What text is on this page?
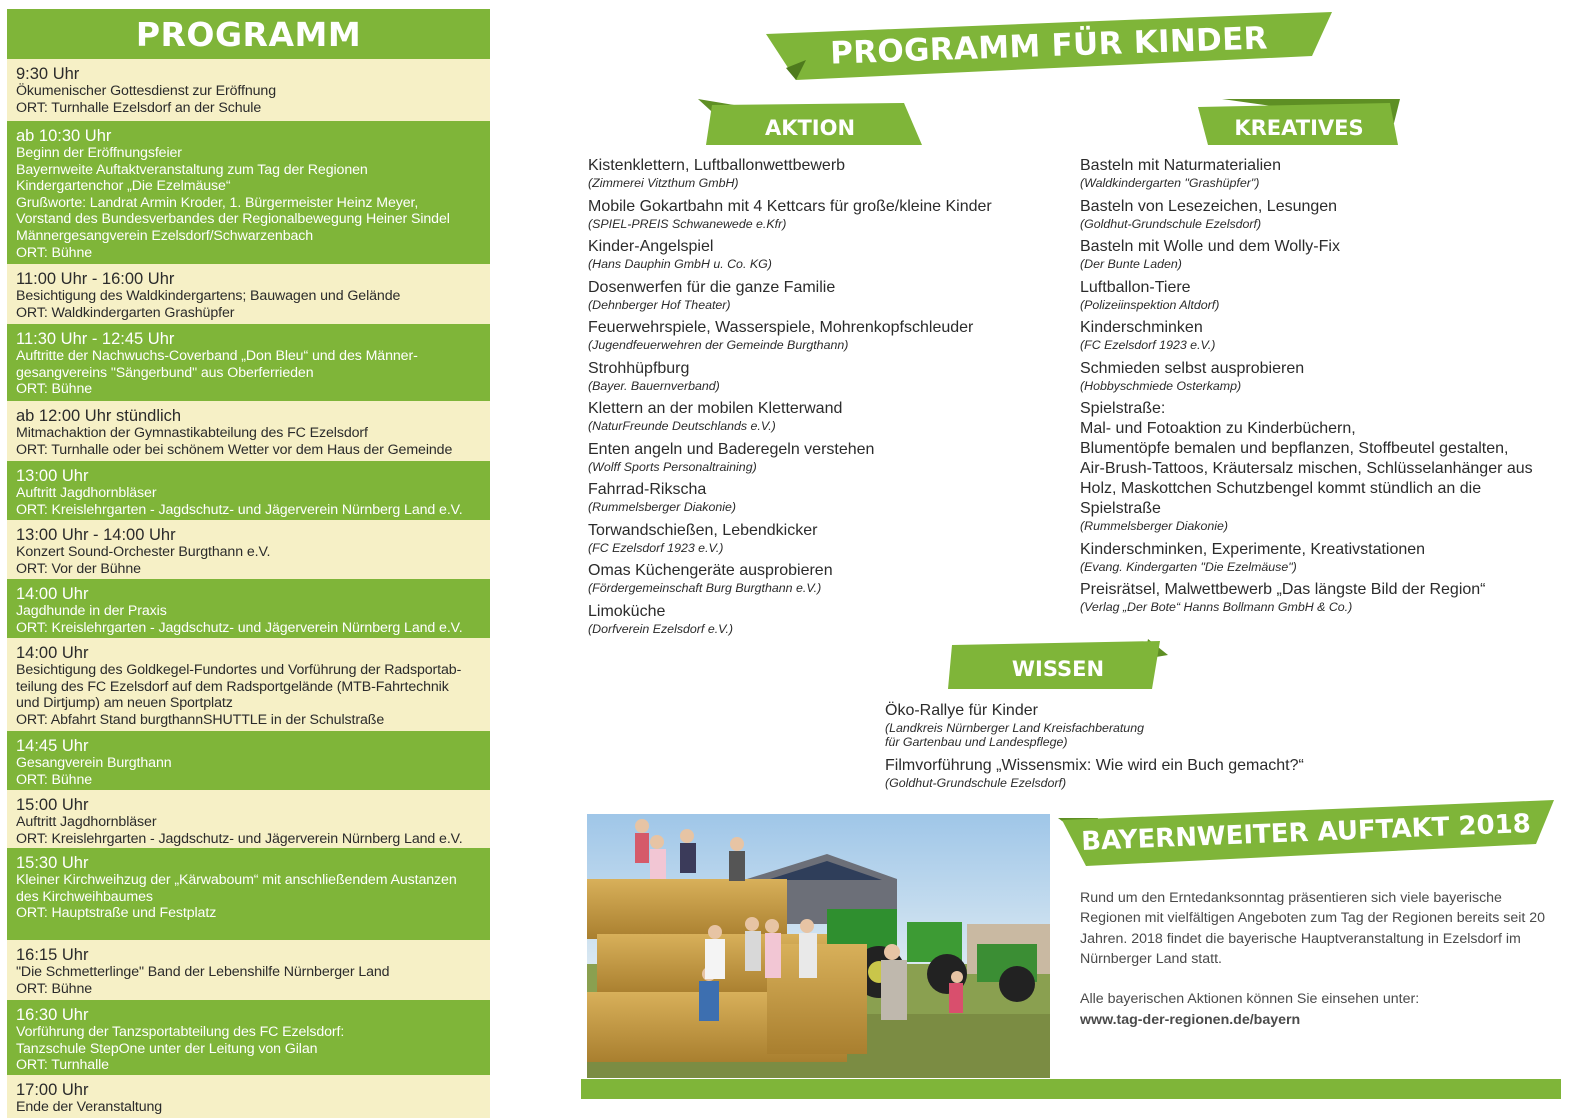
PROGRAMM
9:30 Uhr
Ökumenischer Gottesdienst zur Eröffnung
ORT: Turnhalle Ezelsdorf an der Schule
ab 10:30 Uhr
Beginn der Eröffnungsfeier
Bayernweite Auftaktveranstaltung zum Tag der Regionen
Kindergartenchor „Die Ezelmäuse“
Grußworte: Landrat Armin Kroder, 1. Bürgermeister Heinz Meyer,
Vorstand des Bundesverbandes der Regionalbewegung Heiner Sindel
Männergesangverein Ezelsdorf/Schwarzenbach
ORT: Bühne
11:00 Uhr - 16:00 Uhr
Besichtigung des Waldkindergartens; Bauwagen und Gelände
ORT: Waldkindergarten Grashüpfer
11:30 Uhr - 12:45 Uhr
Auftritte der Nachwuchs-Coverband „Don Bleu“ und des Männer-
gesangvereins "Sängerbund" aus Oberferrieden
ORT: Bühne
ab 12:00 Uhr stündlich
Mitmachaktion der Gymnastikabteilung des FC Ezelsdorf
ORT: Turnhalle oder bei schönem Wetter vor dem Haus der Gemeinde
13:00 Uhr
Auftritt Jagdhornbläser
ORT: Kreislehrgarten - Jagdschutz- und Jägerverein Nürnberg Land e.V.
13:00 Uhr - 14:00 Uhr
Konzert Sound-Orchester Burgthann e.V.
ORT: Vor der Bühne
14:00 Uhr
Jagdhunde in der Praxis
ORT: Kreislehrgarten - Jagdschutz- und Jägerverein Nürnberg Land e.V.
14:00 Uhr
Besichtigung des Goldkegel-Fundortes und Vorführung der Radsportab-
teilung des FC Ezelsdorf auf dem Radsportgelände (MTB-Fahrtechnik
und Dirtjump) am neuen Sportplatz
ORT: Abfahrt Stand burgthannSHUTTLE in der Schulstraße
14:45 Uhr
Gesangverein Burgthann
ORT: Bühne
15:00 Uhr
Auftritt Jagdhornbläser
ORT: Kreislehrgarten - Jagdschutz- und Jägerverein Nürnberg Land e.V.
15:30 Uhr
Kleiner Kirchweihzug der „Kärwaboum“ mit anschließendem Austanzen
des Kirchweihbaumes
ORT: Hauptstraße und Festplatz
16:15 Uhr
"Die Schmetterlinge" Band der Lebenshilfe Nürnberger Land
ORT: Bühne
16:30 Uhr
Vorführung der Tanzsportabteilung des FC Ezelsdorf:
Tanzschule StepOne unter der Leitung von Gilan
ORT: Turnhalle
17:00 Uhr
Ende der Veranstaltung
PROGRAMM FÜR KINDER
AKTION	KREATIVES
WISSEN
Kistenklettern, Luftballonwettbewerb
(Zimmerei Vitzthum GmbH)
Mobile Gokartbahn mit 4 Kettcars für große/kleine Kinder
(SPIEL-PREIS Schwanewede e.Kfr)
Kinder-Angelspiel
(Hans Dauphin GmbH u. Co. KG)
Dosenwerfen für die ganze Familie
(Dehnberger Hof Theater)
Feuerwehrspiele, Wasserspiele, Mohrenkopfschleuder
(Jugendfeuerwehren der Gemeinde Burgthann)
Strohhüpfburg
(Bayer. Bauernverband)
Klettern an der mobilen Kletterwand
(NaturFreunde Deutschlands e.V.)
Enten angeln und Baderegeln verstehen
(Wolff Sports Personaltraining)
Fahrrad-Rikscha
(Rummelsberger Diakonie)
Torwandschießen, Lebendkicker
(FC Ezelsdorf 1923 e.V.)
Omas Küchengeräte ausprobieren
(Fördergemeinschaft Burg Burgthann e.V.)
Limoküche
(Dorfverein Ezelsdorf e.V.)
Basteln mit Naturmaterialien
(Waldkindergarten "Grashüpfer")
Basteln von Lesezeichen, Lesungen
(Goldhut-Grundschule Ezelsdorf)
Basteln mit Wolle und dem Wolly-Fix
(Der Bunte Laden)
Luftballon-Tiere
(Polizeiinspektion Altdorf)
Kinderschminken
(FC Ezelsdorf 1923 e.V.)
Schmieden selbst ausprobieren
(Hobbyschmiede Osterkamp)
Spielstraße:
Mal- und Fotoaktion zu Kinderbüchern,
Blumentöpfe bemalen und bepflanzen, Stoffbeutel gestalten,
Air-Brush-Tattoos, Kräutersalz mischen, Schlüsselanhänger aus
Holz, Maskottchen Schutzbengel kommt stündlich an die
Spielstraße
(Rummelsberger Diakonie)
Kinderschminken, Experimente, Kreativstationen
(Evang. Kindergarten "Die Ezelmäuse")
Preisrätsel, Malwettbewerb „Das längste Bild der Region“
(Verlag „Der Bote“ Hanns Bollmann GmbH & Co.)
Öko-Rallye für Kinder
(Landkreis Nürnberger Land Kreisfachberatung
für Gartenbau und Landespflege)
Filmvorführung „Wissensmix: Wie wird ein Buch gemacht?“
(Goldhut-Grundschule Ezelsdorf)
BAYERNWEITER AUFTAKT 2018

Rund um den Erntedanksonntag präsentieren sich viele bayerische Regionen mit vielfältigen Angeboten zum Tag der Regionen bereits seit 20 Jahren. 2018 findet die bayerische Hauptveranstaltung in Ezelsdorf im Nürnberger Land statt.

Alle bayerischen Aktionen können Sie einsehen unter:
www.tag-der-regionen.de/bayern
